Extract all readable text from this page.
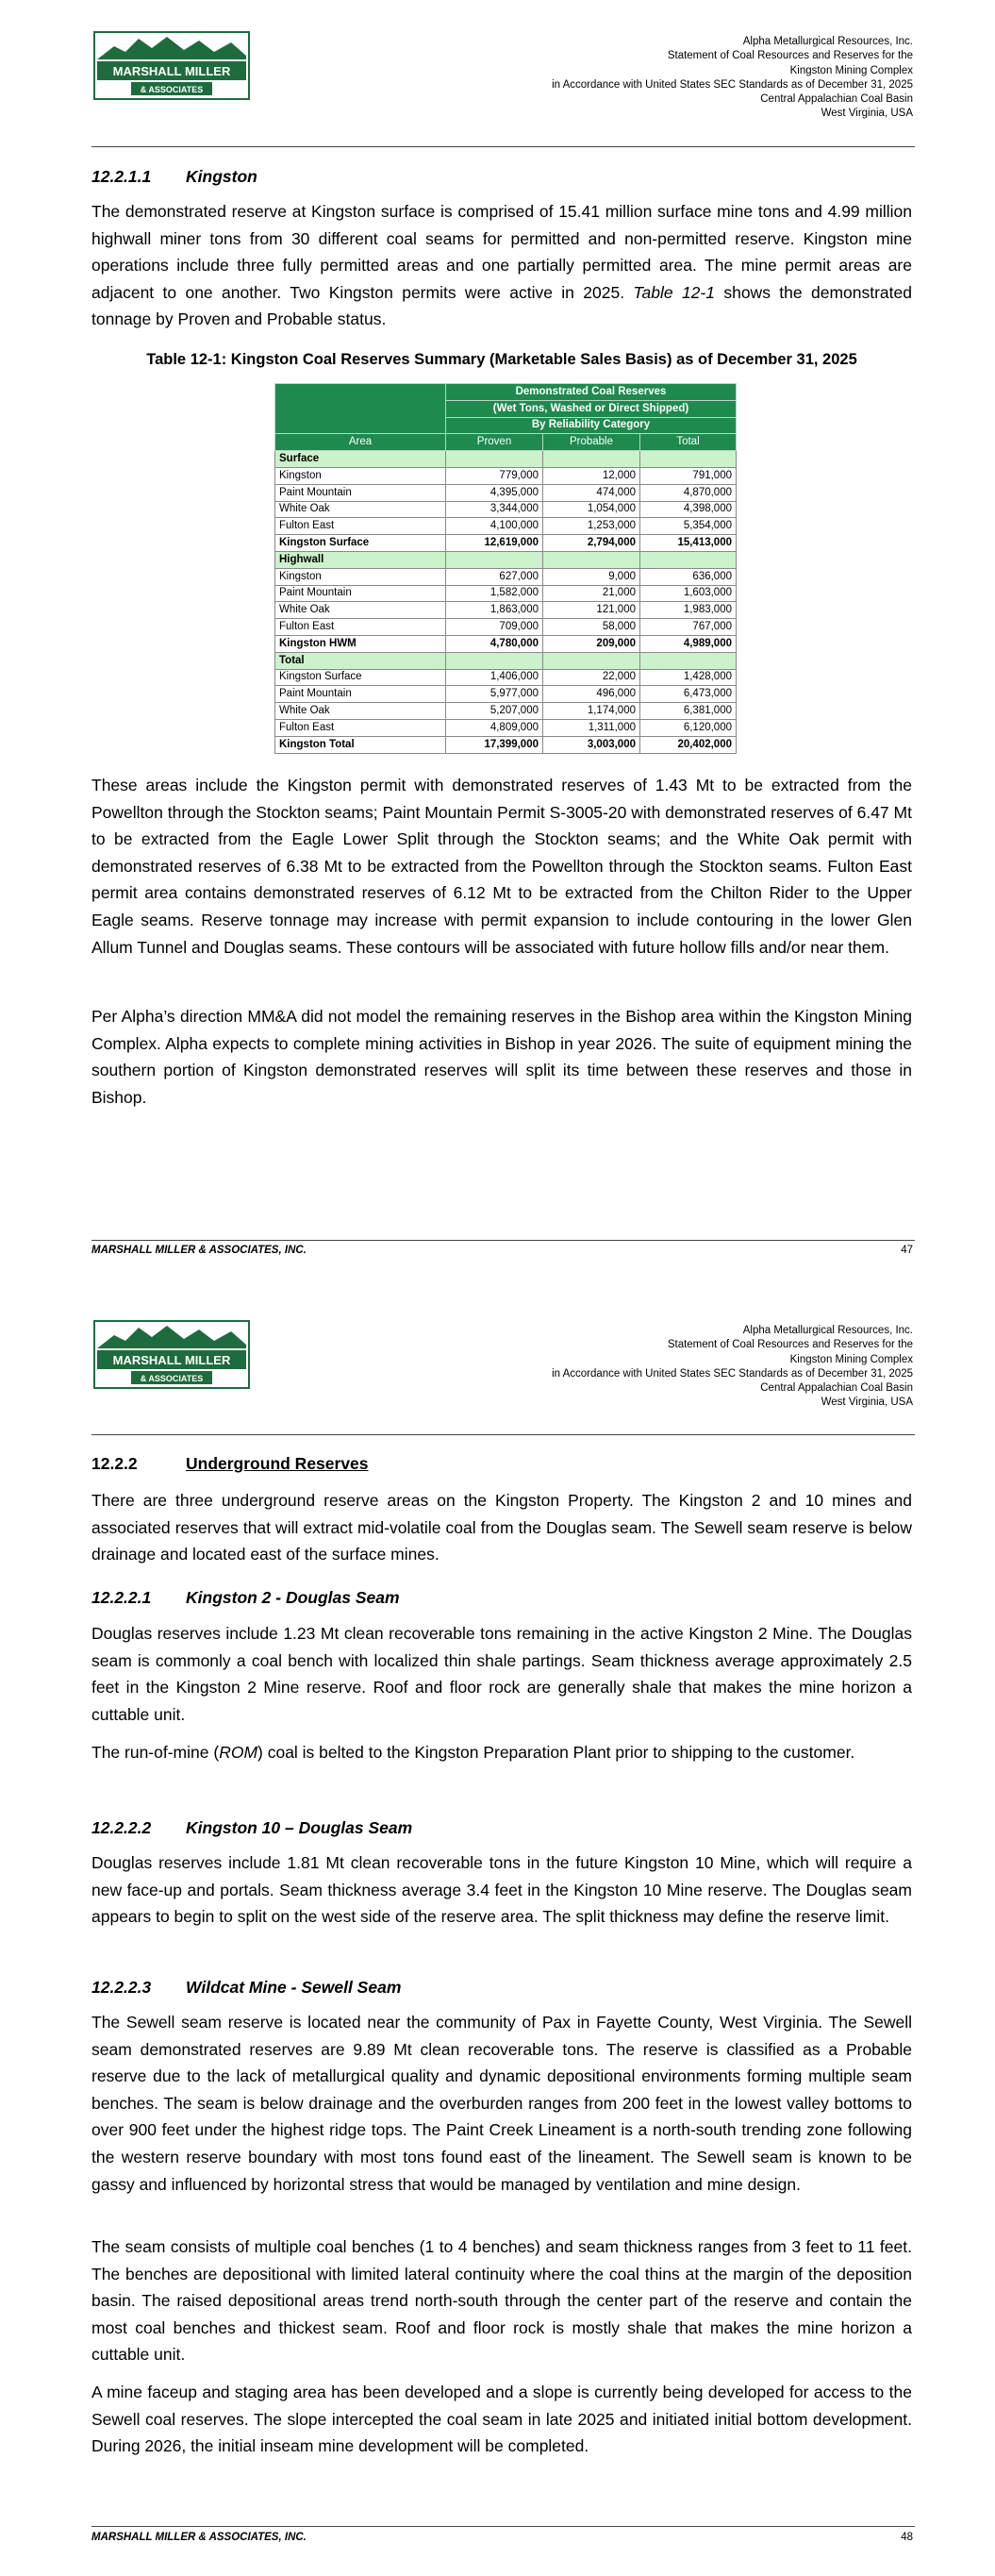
MARSHALL MILLER
& ASSOCIATES
Alpha Metallurgical Resources, Inc.
Statement of Coal Resources and Reserves for the
Kingston Mining Complex
in Accordance with United States SEC Standards as of December 31, 2025
Central Appalachian Coal Basin
West Virginia, USA
12.2.1.1 Kingston

The demonstrated reserve at Kingston surface is comprised of 15.41 million surface mine tons and 4.99 million highwall miner tons from 30 different coal seams for permitted and non-permitted reserve. Kingston mine operations include three fully permitted areas and one partially permitted area. The mine permit areas are adjacent to one another. Two Kingston permits were active in 2025. Table 12-1 shows the demonstrated tonnage by Proven and Probable status.

Table 12-1: Kingston Coal Reserves Summary (Marketable Sales Basis) as of December 31, 2025
	Demonstrated Coal Reserves		
	(Wet Tons, Washed or Direct Shipped)		
	By Reliability Category		
Area	Proven	Probable	Total
Surface			
Kingston	779,000	12,000	791,000
Paint Mountain	4,395,000	474,000	4,870,000
White Oak	3,344,000	1,054,000	4,398,000
Fulton East	4,100,000	1,253,000	5,354,000
Kingston Surface	12,619,000	2,794,000	15,413,000
Highwall			
Kingston	627,000	9,000	636,000
Paint Mountain	1,582,000	21,000	1,603,000
White Oak	1,863,000	121,000	1,983,000
Fulton East	709,000	58,000	767,000
Kingston HWM	4,780,000	209,000	4,989,000
Total			
Kingston Surface	1,406,000	22,000	1,428,000
Paint Mountain	5,977,000	496,000	6,473,000
White Oak	5,207,000	1,174,000	6,381,000
Fulton East	4,809,000	1,311,000	6,120,000
Kingston Total	17,399,000	3,003,000	20,402,000

These areas include the Kingston permit with demonstrated reserves of 1.43 Mt to be extracted from the Powellton through the Stockton seams; Paint Mountain Permit S-3005-20 with demonstrated reserves of 6.47 Mt to be extracted from the Eagle Lower Split through the Stockton seams; and the White Oak permit with demonstrated reserves of 6.38 Mt to be extracted from the Powellton through the Stockton seams. Fulton East permit area contains demonstrated reserves of 6.12 Mt to be extracted from the Chilton Rider to the Upper Eagle seams. Reserve tonnage may increase with permit expansion to include contouring in the lower Glen Allum Tunnel and Douglas seams. These contours will be associated with future hollow fills and/or near them.

Per Alpha’s direction MM&A did not model the remaining reserves in the Bishop area within the Kingston Mining Complex. Alpha expects to complete mining activities in Bishop in year 2026. The suite of equipment mining the southern portion of Kingston demonstrated reserves will split its time between these reserves and those in Bishop.

MARSHALL MILLER & ASSOCIATES, INC.	47
MARSHALL MILLER
& ASSOCIATES
Alpha Metallurgical Resources, Inc.
Statement of Coal Resources and Reserves for the
Kingston Mining Complex
in Accordance with United States SEC Standards as of December 31, 2025
Central Appalachian Coal Basin
West Virginia, USA
12.2.2	Underground Reserves

There are three underground reserve areas on the Kingston Property. The Kingston 2 and 10 mines and associated reserves that will extract mid-volatile coal from the Douglas seam. The Sewell seam reserve is below drainage and located east of the surface mines.

12.2.2.1 Kingston 2 - Douglas Seam

Douglas reserves include 1.23 Mt clean recoverable tons remaining in the active Kingston 2 Mine. The Douglas seam is commonly a coal bench with localized thin shale partings. Seam thickness average approximately 2.5 feet in the Kingston 2 Mine reserve. Roof and floor rock are generally shale that makes the mine horizon a cuttable unit.

The run-of-mine (ROM) coal is belted to the Kingston Preparation Plant prior to shipping to the customer.

12.2.2.2 Kingston 10 – Douglas Seam

Douglas reserves include 1.81 Mt clean recoverable tons in the future Kingston 10 Mine, which will require a new face-up and portals. Seam thickness average 3.4 feet in the Kingston 10 Mine reserve. The Douglas seam appears to begin to split on the west side of the reserve area. The split thickness may define the reserve limit.

12.2.2.3 Wildcat Mine - Sewell Seam

The Sewell seam reserve is located near the community of Pax in Fayette County, West Virginia. The Sewell seam demonstrated reserves are 9.89 Mt clean recoverable tons. The reserve is classified as a Probable reserve due to the lack of metallurgical quality and dynamic depositional environments forming multiple seam benches. The seam is below drainage and the overburden ranges from 200 feet in the lowest valley bottoms to over 900 feet under the highest ridge tops. The Paint Creek Lineament is a north-south trending zone following the western reserve boundary with most tons found east of the lineament. The Sewell seam is known to be gassy and influenced by horizontal stress that would be managed by ventilation and mine design.

The seam consists of multiple coal benches (1 to 4 benches) and seam thickness ranges from 3 feet to 11 feet. The benches are depositional with limited lateral continuity where the coal thins at the margin of the deposition basin. The raised depositional areas trend north-south through the center part of the reserve and contain the most coal benches and thickest seam. Roof and floor rock is mostly shale that makes the mine horizon a cuttable unit.

A mine faceup and staging area has been developed and a slope is currently being developed for access to the Sewell coal reserves. The slope intercepted the coal seam in late 2025 and initiated initial bottom development. During 2026, the initial inseam mine development will be completed.

MARSHALL MILLER & ASSOCIATES, INC.	48
